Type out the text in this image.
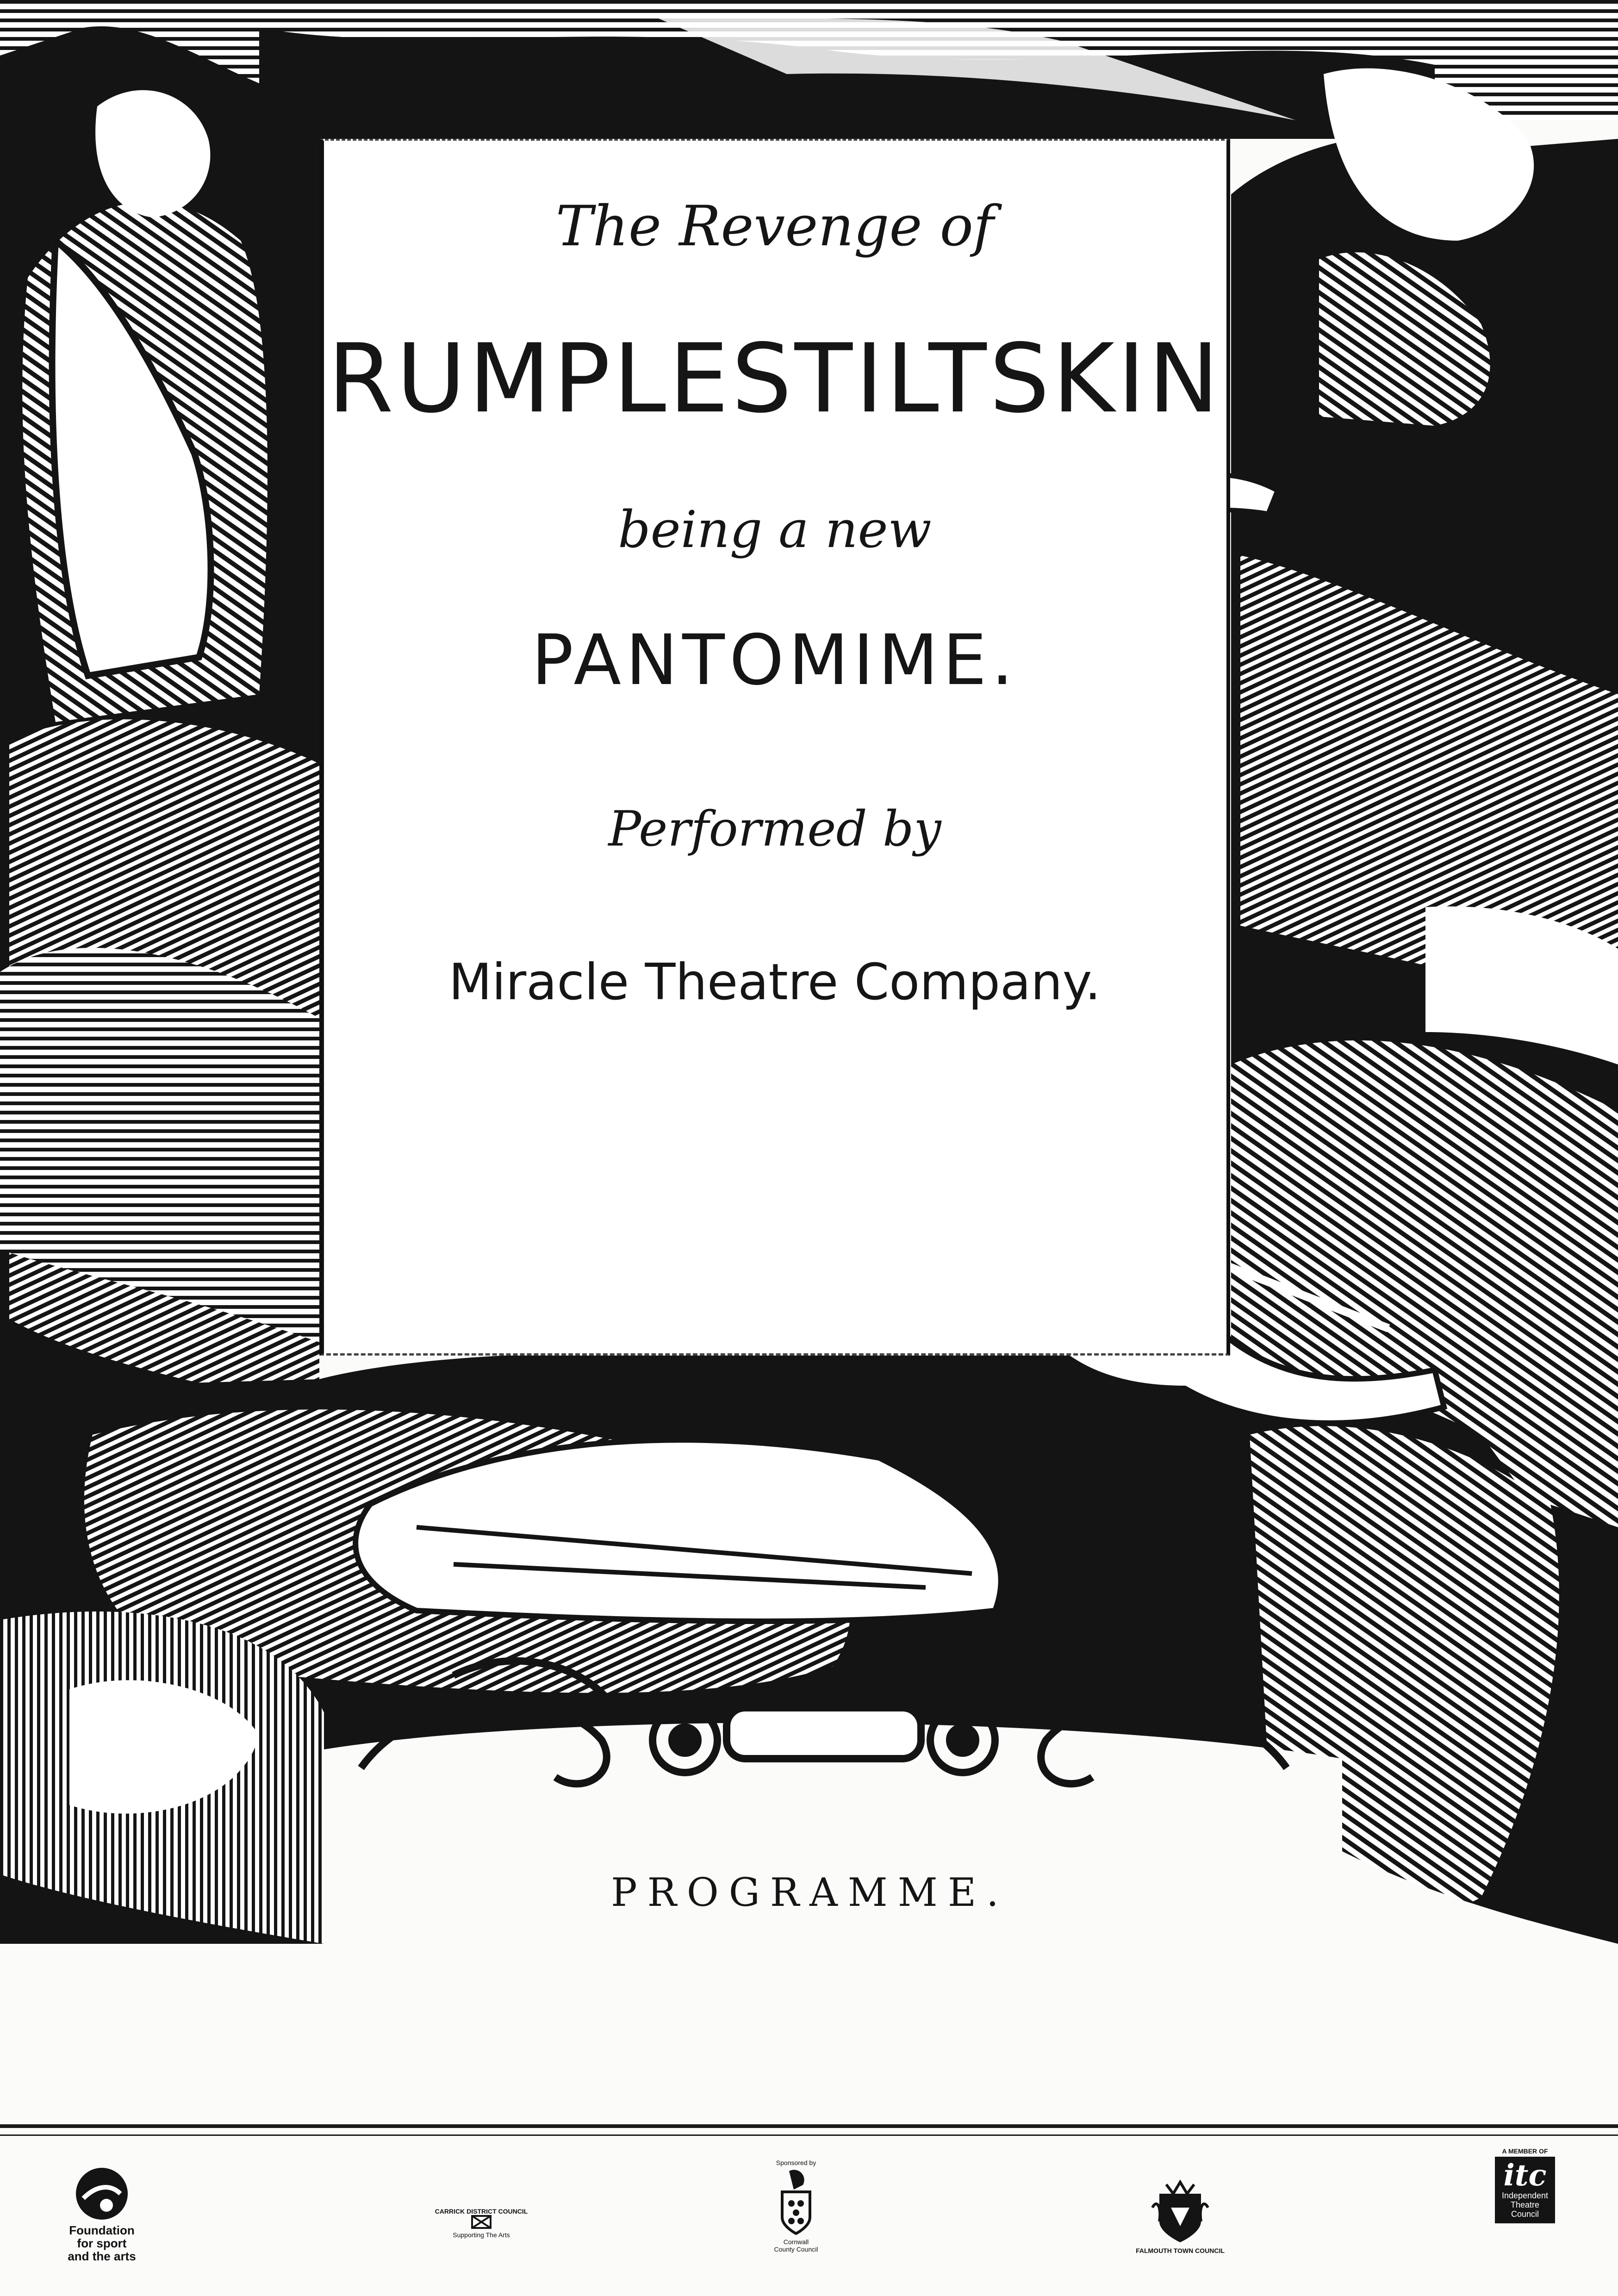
The Revenge of
RUMPLESTILTSKIN
being a new
PANTOMIME.
Performed by
Miracle Theatre Company.
PROGRAMME.
Foundation
for sport
and the arts
CARRICK DISTRICT COUNCIL
Supporting The Arts
Sponsored by
Cornwall
County Council	FALMOUTH TOWN COUNCIL
A MEMBER OF
itc
Independent
Theatre
Council
